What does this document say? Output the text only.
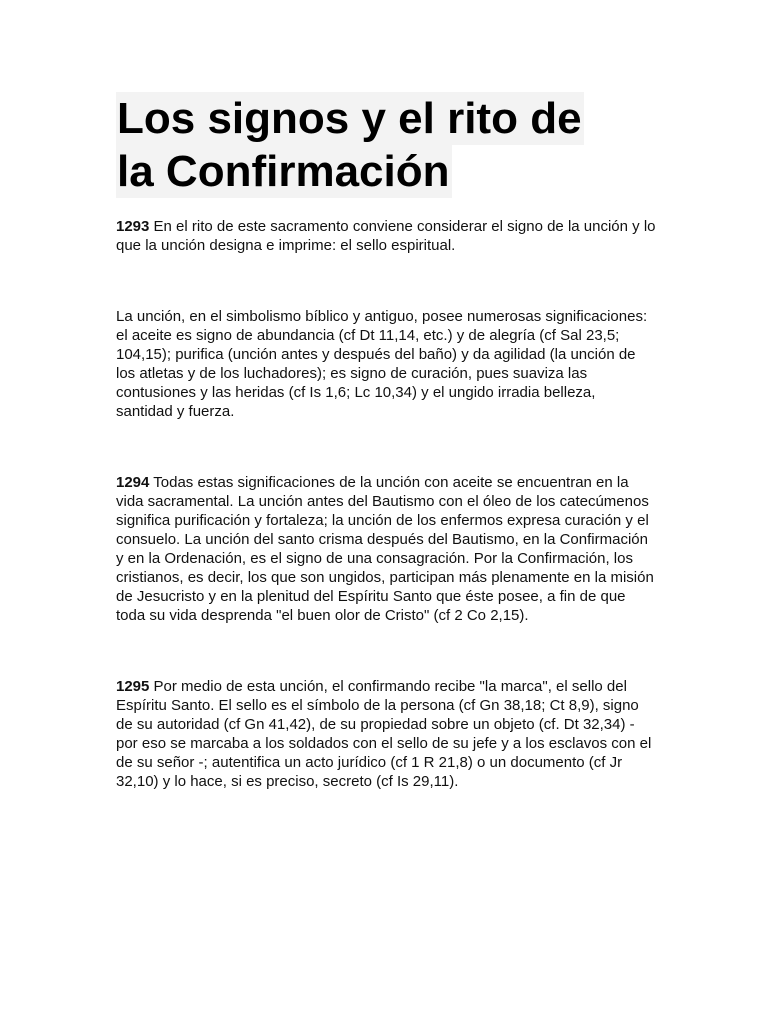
Los signos y el rito de
la Confirmación

1293 En el rito de este sacramento conviene considerar el signo de la unción y lo que la unción designa e imprime: el sello espiritual.

La unción, en el simbolismo bíblico y antiguo, posee numerosas significaciones: el aceite es signo de abundancia (cf Dt 11,14, etc.) y de alegría (cf Sal 23,5; 104,15); purifica (unción antes y después del baño) y da agilidad (la unción de los atletas y de los luchadores); es signo de curación, pues suaviza las contusiones y las heridas (cf Is 1,6; Lc 10,34) y el ungido irradia belleza, santidad y fuerza.

1294 Todas estas significaciones de la unción con aceite se encuentran en la vida sacramental. La unción antes del Bautismo con el óleo de los catecúmenos significa purificación y fortaleza; la unción de los enfermos expresa curación y el consuelo. La unción del santo crisma después del Bautismo, en la Confirmación y en la Ordenación, es el signo de una consagración. Por la Confirmación, los cristianos, es decir, los que son ungidos, participan más plenamente en la misión de Jesucristo y en la plenitud del Espíritu Santo que éste posee, a fin de que toda su vida desprenda "el buen olor de Cristo" (cf 2 Co 2,15).

1295 Por medio de esta unción, el confirmando recibe "la marca", el sello del Espíritu Santo. El sello es el símbolo de la persona (cf Gn 38,18; Ct 8,9), signo de su autoridad (cf Gn 41,42), de su propiedad sobre un objeto (cf. Dt 32,34) -por eso se marcaba a los soldados con el sello de su jefe y a los esclavos con el de su señor -; autentifica un acto jurídico (cf 1 R 21,8) o un documento (cf Jr 32,10) y lo hace, si es preciso, secreto (cf Is 29,11).
